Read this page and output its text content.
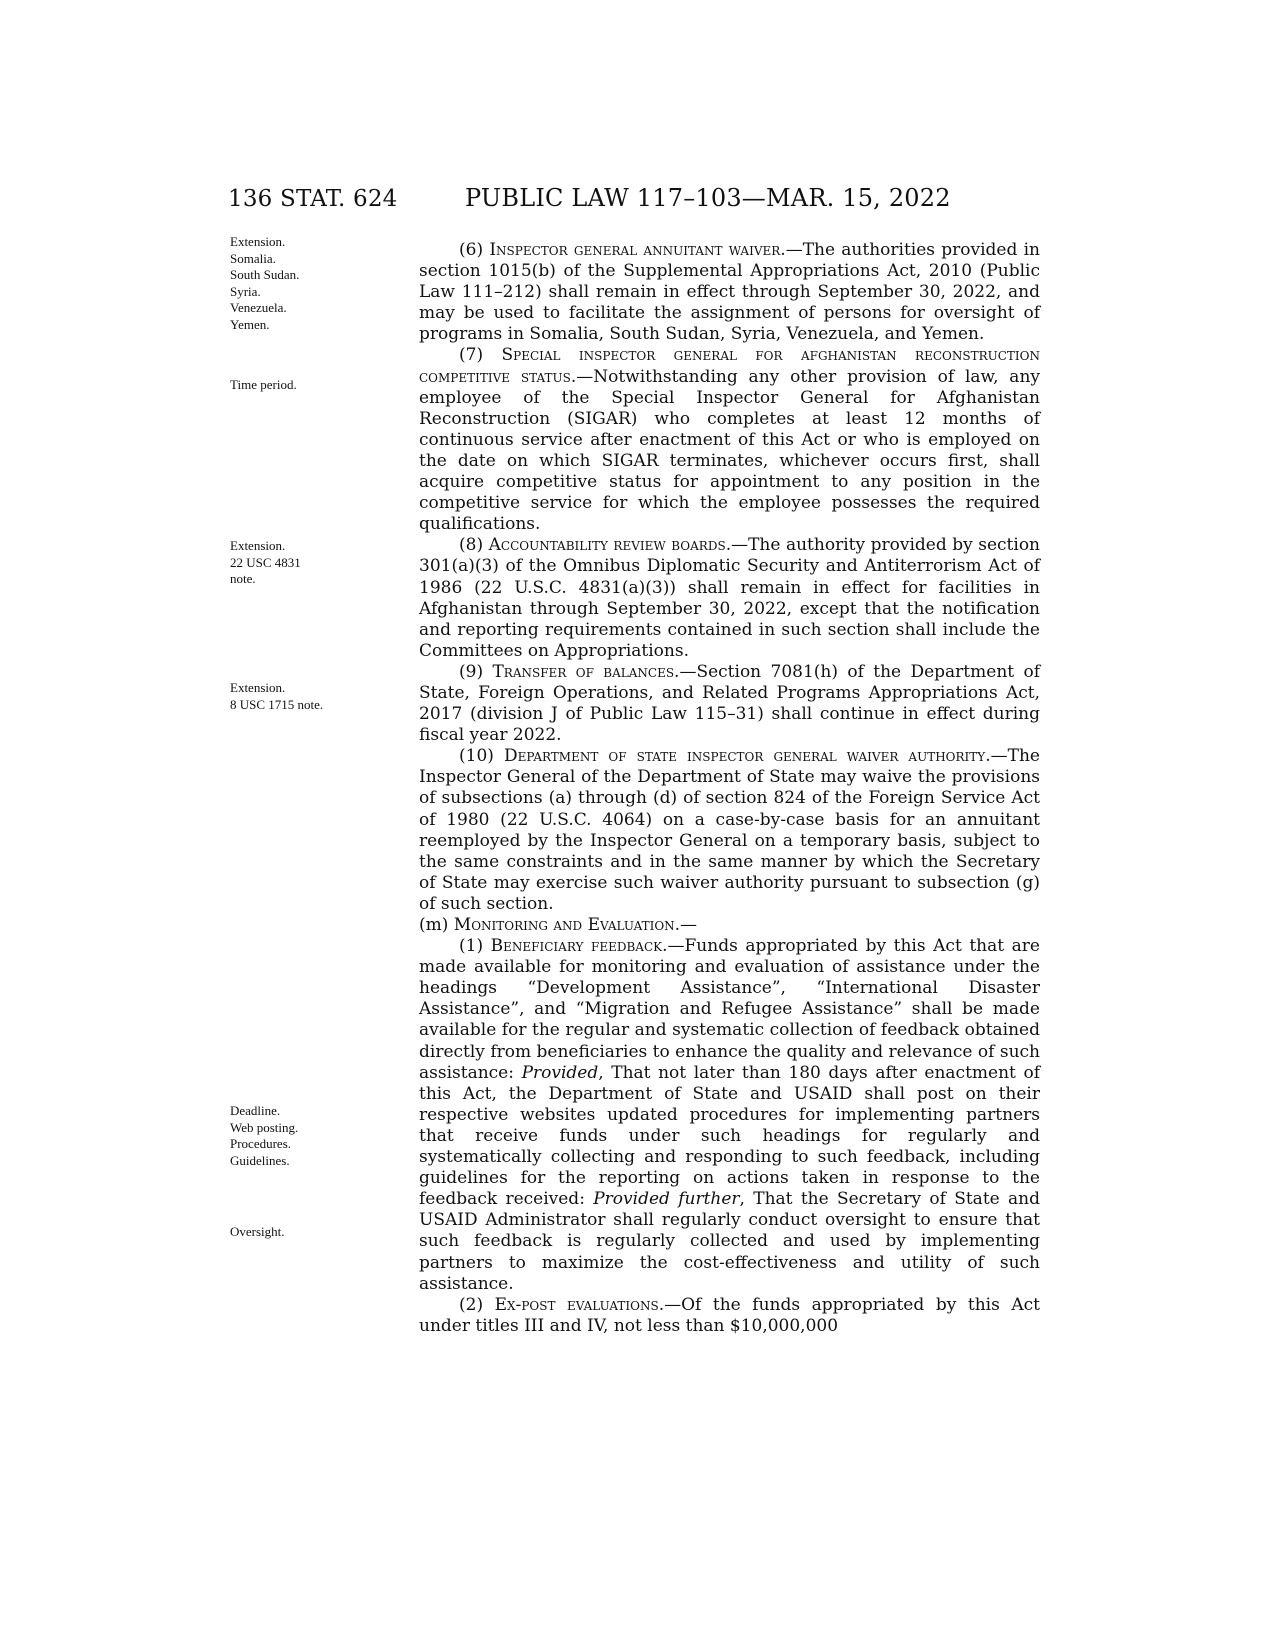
136 STAT. 624	PUBLIC LAW 117–103—MAR. 15, 2022
Extension.
Somalia.
South Sudan.
Syria.
Venezuela.
Yemen.
Time period.
Extension.
22 USC 4831
note.
Extension.
8 USC 1715 note.
Deadline.
Web posting.
Procedures.
Guidelines.
Oversight.

(6) Inspector general annuitant waiver.—The authorities provided in section 1015(b) of the Supplemental Appropriations Act, 2010 (Public Law 111–212) shall remain in effect through September 30, 2022, and may be used to facilitate the assignment of persons for oversight of programs in Somalia, South Sudan, Syria, Venezuela, and Yemen.

(7) Special inspector general for afghanistan reconstruction competitive status.—Notwithstanding any other provision of law, any employee of the Special Inspector General for Afghanistan Reconstruction (SIGAR) who completes at least 12 months of continuous service after enactment of this Act or who is employed on the date on which SIGAR terminates, whichever occurs first, shall acquire competitive status for appointment to any position in the competitive service for which the employee possesses the required qualifications.

(8) Accountability review boards.—The authority provided by section 301(a)(3) of the Omnibus Diplomatic Security and Antiterrorism Act of 1986 (22 U.S.C. 4831(a)(3)) shall remain in effect for facilities in Afghanistan through September 30, 2022, except that the notification and reporting requirements contained in such section shall include the Committees on Appropriations.

(9) Transfer of balances.—Section 7081(h) of the Department of State, Foreign Operations, and Related Programs Appropriations Act, 2017 (division J of Public Law 115–31) shall continue in effect during fiscal year 2022.

(10) Department of state inspector general waiver authority.—The Inspector General of the Department of State may waive the provisions of subsections (a) through (d) of section 824 of the Foreign Service Act of 1980 (22 U.S.C. 4064) on a case-by-case basis for an annuitant reemployed by the Inspector General on a temporary basis, subject to the same constraints and in the same manner by which the Secretary of State may exercise such waiver authority pursuant to subsection (g) of such section.

(m) Monitoring and Evaluation.—

(1) Beneficiary feedback.—Funds appropriated by this Act that are made available for monitoring and evaluation of assistance under the headings “Development Assistance”, “International Disaster Assistance”, and “Migration and Refugee Assistance” shall be made available for the regular and systematic collection of feedback obtained directly from beneficiaries to enhance the quality and relevance of such assistance: Provided, That not later than 180 days after enactment of this Act, the Department of State and USAID shall post on their respective websites updated procedures for implementing partners that receive funds under such headings for regularly and systematically collecting and responding to such feedback, including guidelines for the reporting on actions taken in response to the feedback received: Provided further, That the Secretary of State and USAID Administrator shall regularly conduct oversight to ensure that such feedback is regularly collected and used by implementing partners to maximize the cost-effectiveness and utility of such assistance.

(2) Ex-post evaluations.—Of the funds appropriated by this Act under titles III and IV, not less than $10,000,000
